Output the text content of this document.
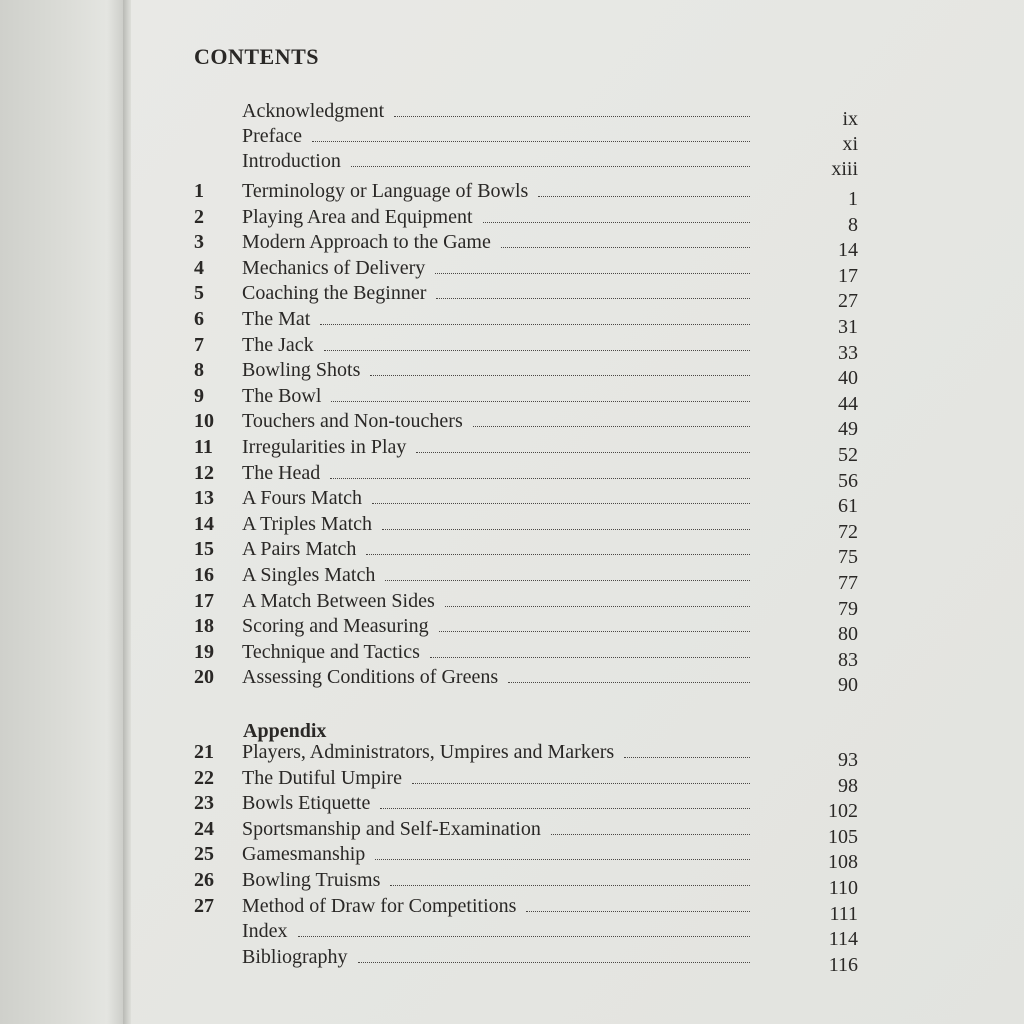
CONTENTS
Acknowledgment	ix
Preface	xi
Introduction	xiii
1	Terminology or Language of Bowls	1
2	Playing Area and Equipment	8
3	Modern Approach to the Game	14
4	Mechanics of Delivery	17
5	Coaching the Beginner	27
6	The Mat	31
7	The Jack	33
8	Bowling Shots	40
9	The Bowl	44
10	Touchers and Non-touchers	49
11	Irregularities in Play	52
12	The Head	56
13	A Fours Match	61
14	A Triples Match	72
15	A Pairs Match	75
16	A Singles Match	77
17	A Match Between Sides	79
18	Scoring and Measuring	80
19	Technique and Tactics	83
20	Assessing Conditions of Greens	90
Appendix
21	Players, Administrators, Umpires and Markers	93
22	The Dutiful Umpire	98
23	Bowls Etiquette	102
24	Sportsmanship and Self-Examination	105
25	Gamesmanship	108
26	Bowling Truisms	110
27	Method of Draw for Competitions	111
Index	114
Bibliography	116
